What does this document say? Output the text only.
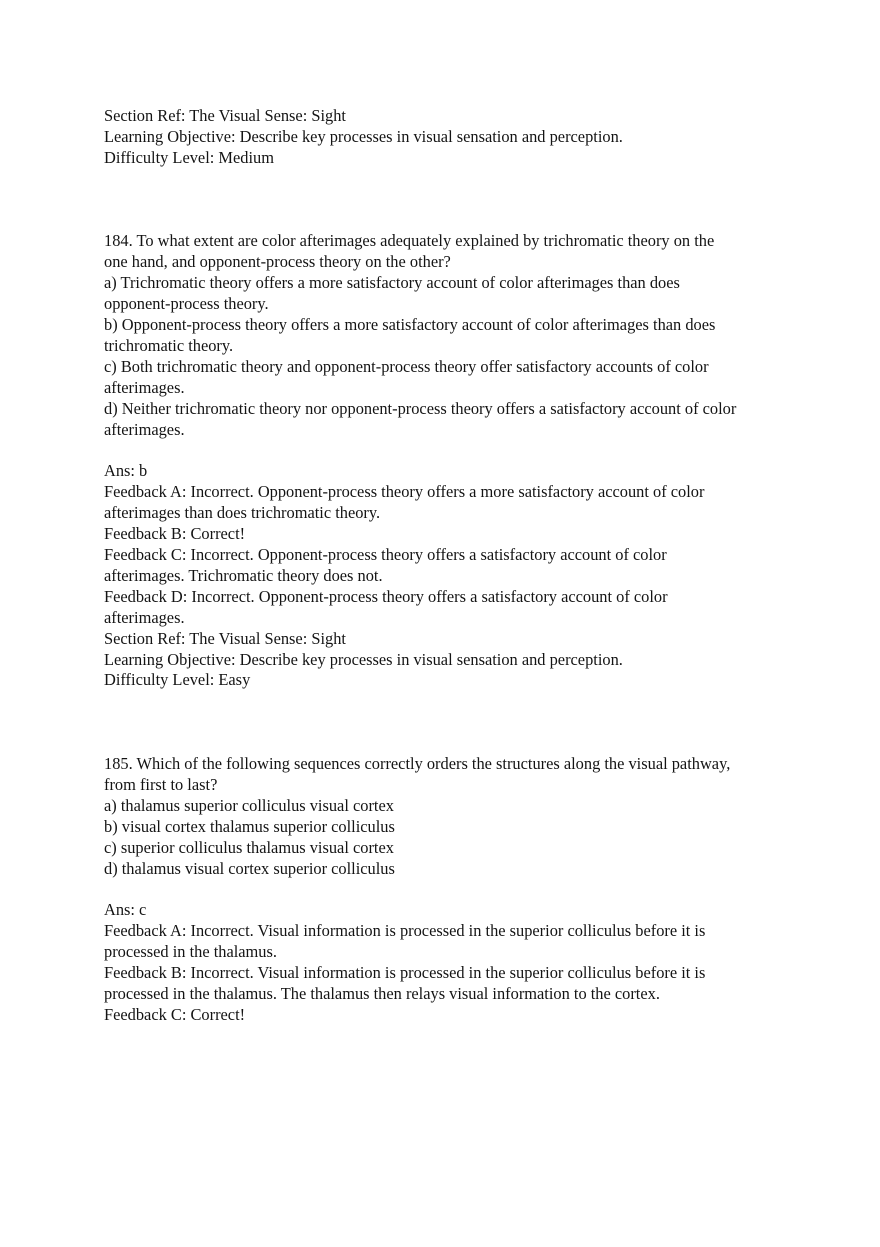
Section Ref: The Visual Sense: Sight
Learning Objective: Describe key processes in visual sensation and perception.
Difficulty Level: Medium
184. To what extent are color afterimages adequately explained by trichromatic theory on the
one hand, and opponent-process theory on the other?
a) Trichromatic theory offers a more satisfactory account of color afterimages than does
opponent-process theory.
b) Opponent-process theory offers a more satisfactory account of color afterimages than does
trichromatic theory.
c) Both trichromatic theory and opponent-process theory offer satisfactory accounts of color
afterimages.
d) Neither trichromatic theory nor opponent-process theory offers a satisfactory account of color
afterimages.
Ans: b
Feedback A: Incorrect. Opponent-process theory offers a more satisfactory account of color
afterimages than does trichromatic theory.
Feedback B: Correct!
Feedback C: Incorrect. Opponent-process theory offers a satisfactory account of color
afterimages. Trichromatic theory does not.
Feedback D: Incorrect. Opponent-process theory offers a satisfactory account of color
afterimages.
Section Ref: The Visual Sense: Sight
Learning Objective: Describe key processes in visual sensation and perception.
Difficulty Level: Easy
185. Which of the following sequences correctly orders the structures along the visual pathway,
from first to last?
a) thalamus superior colliculus visual cortex
b) visual cortex thalamus superior colliculus
c) superior colliculus thalamus visual cortex
d) thalamus visual cortex superior colliculus
Ans: c
Feedback A: Incorrect. Visual information is processed in the superior colliculus before it is
processed in the thalamus.
Feedback B: Incorrect. Visual information is processed in the superior colliculus before it is
processed in the thalamus. The thalamus then relays visual information to the cortex.
Feedback C: Correct!
